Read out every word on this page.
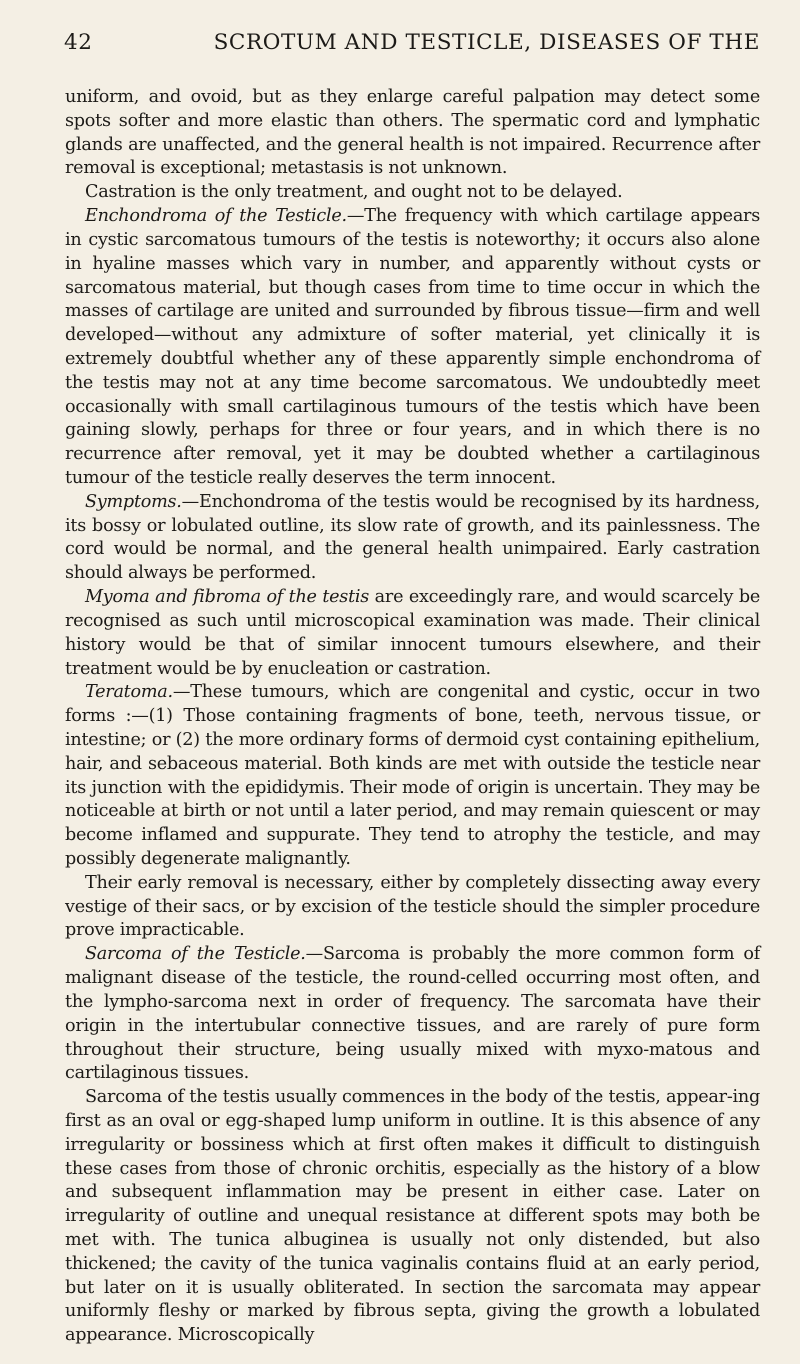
42	SCROTUM AND TESTICLE, DISEASES OF THE

uniform, and ovoid, but as they enlarge careful palpation may detect some spots softer and more elastic than others. The spermatic cord and lymphatic glands are unaffected, and the general health is not impaired. Recurrence after removal is exceptional; metastasis is not unknown.

Castration is the only treatment, and ought not to be delayed.

Enchondroma of the Testicle.—The frequency with which cartilage appears in cystic sarcomatous tumours of the testis is noteworthy; it occurs also alone in hyaline masses which vary in number, and apparently without cysts or sarcomatous material, but though cases from time to time occur in which the masses of cartilage are united and surrounded by fibrous tissue—firm and well developed—without any admixture of softer material, yet clinically it is extremely doubtful whether any of these apparently simple enchondroma of the testis may not at any time become sarcomatous. We undoubtedly meet occasionally with small cartilaginous tumours of the testis which have been gaining slowly, perhaps for three or four years, and in which there is no recurrence after removal, yet it may be doubted whether a cartilaginous tumour of the testicle really deserves the term innocent.

Symptoms.—Enchondroma of the testis would be recognised by its hardness, its bossy or lobulated outline, its slow rate of growth, and its painlessness. The cord would be normal, and the general health unimpaired. Early castration should always be performed.

Myoma and fibroma of the testis are exceedingly rare, and would scarcely be recognised as such until microscopical examination was made. Their clinical history would be that of similar innocent tumours elsewhere, and their treatment would be by enucleation or castration.

Teratoma.—These tumours, which are congenital and cystic, occur in two forms :—(1) Those containing fragments of bone, teeth, nervous tissue, or intestine; or (2) the more ordinary forms of dermoid cyst containing epithelium, hair, and sebaceous material. Both kinds are met with outside the testicle near its junction with the epididymis. Their mode of origin is uncertain. They may be noticeable at birth or not until a later period, and may remain quiescent or may become inflamed and suppurate. They tend to atrophy the testicle, and may possibly degenerate malignantly.

Their early removal is necessary, either by completely dissecting away every vestige of their sacs, or by excision of the testicle should the simpler procedure prove impracticable.

Sarcoma of the Testicle.—Sarcoma is probably the more common form of malignant disease of the testicle, the round-celled occurring most often, and the lympho-sarcoma next in order of frequency. The sarcomata have their origin in the intertubular connective tissues, and are rarely of pure form throughout their structure, being usually mixed with myxo-matous and cartilaginous tissues.

Sarcoma of the testis usually commences in the body of the testis, appear-ing first as an oval or egg-shaped lump uniform in outline. It is this absence of any irregularity or bossiness which at first often makes it difficult to distinguish these cases from those of chronic orchitis, especially as the history of a blow and subsequent inflammation may be present in either case. Later on irregularity of outline and unequal resistance at different spots may both be met with. The tunica albuginea is usually not only distended, but also thickened; the cavity of the tunica vaginalis contains fluid at an early period, but later on it is usually obliterated. In section the sarcomata may appear uniformly fleshy or marked by fibrous septa, giving the growth a lobulated appearance. Microscopically
